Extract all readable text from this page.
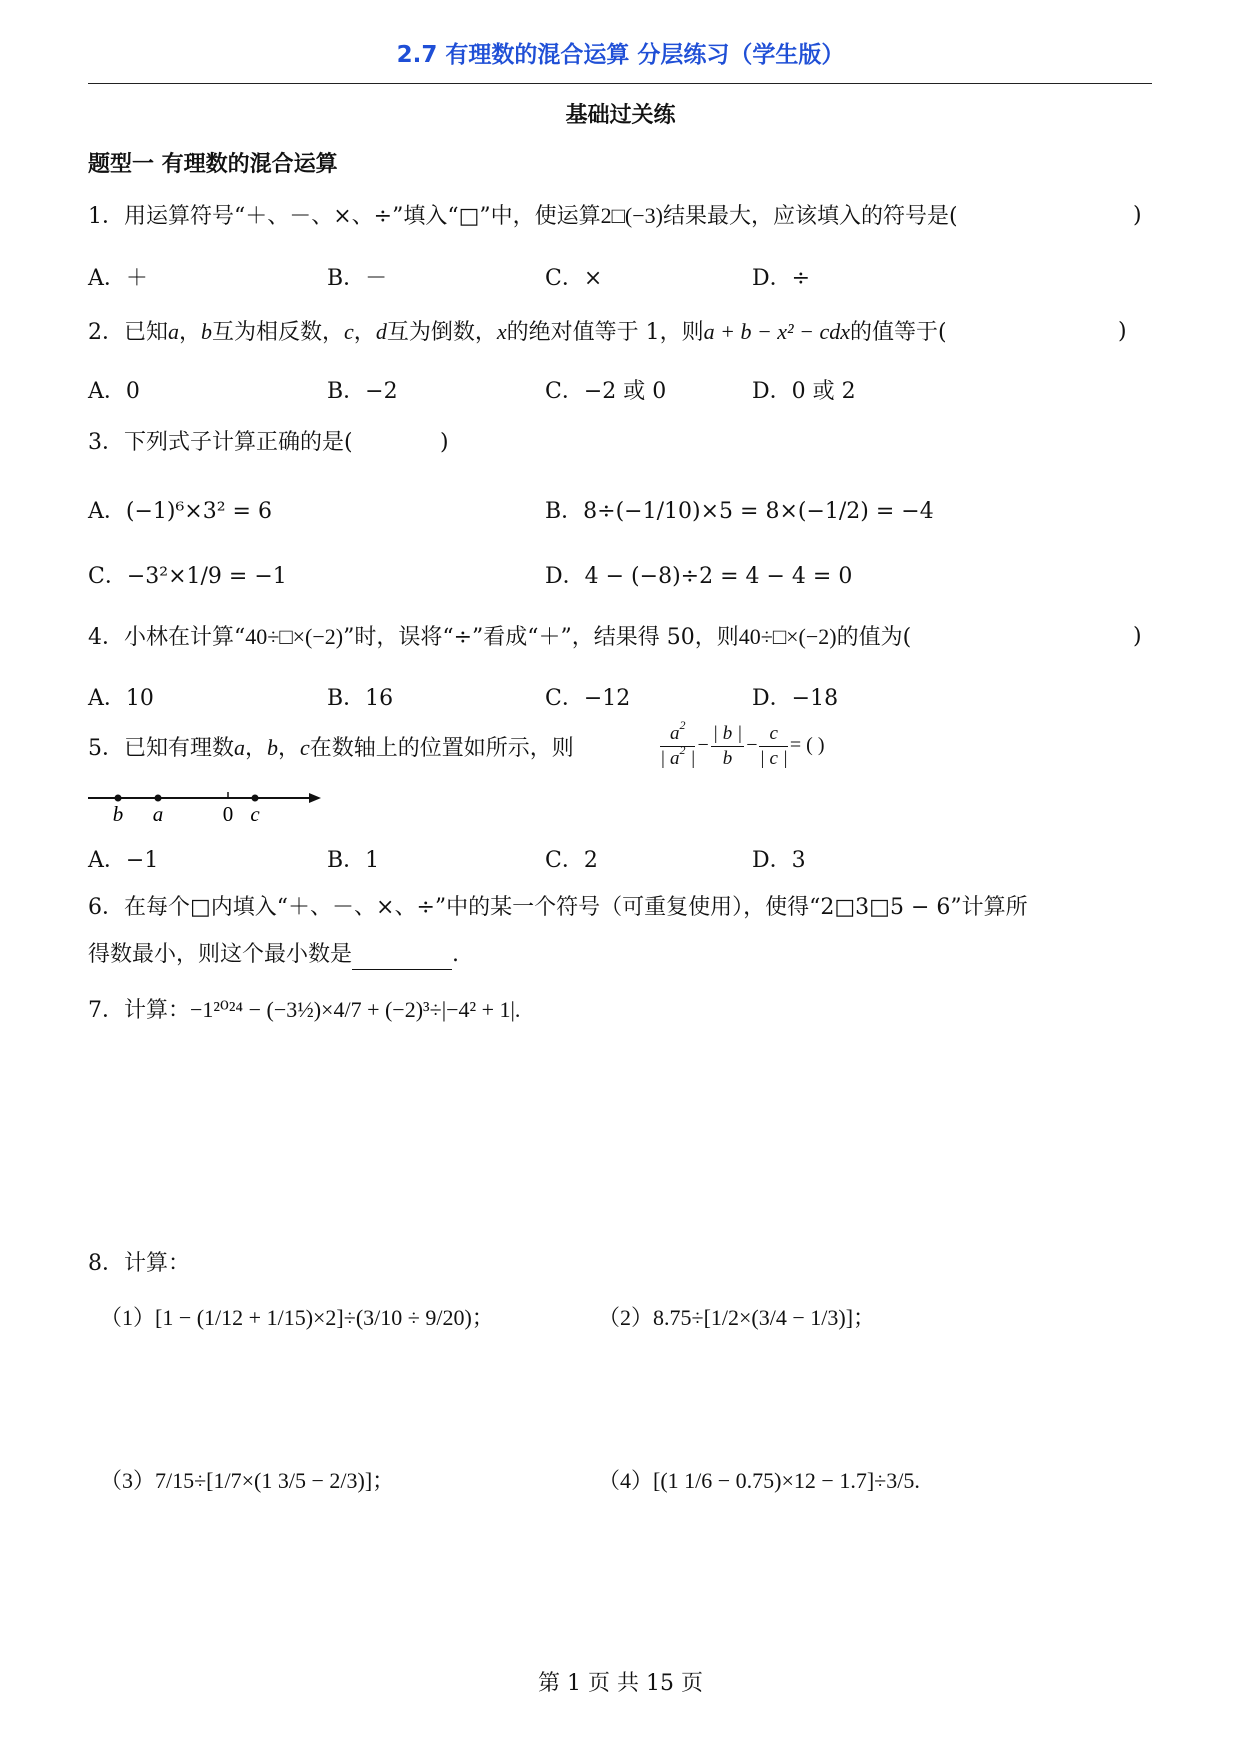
2.7 有理数的混合运算 分层练习（学生版）
基础过关练
题型一 有理数的混合运算
1．用运算符号“＋、－、×、÷”填入“□”中，使运算2□(−3)结果最大，应该填入的符号是(	)
A．＋	B．－	C．×	D．÷
2．已知a，b互为相反数，c，d互为倒数，x的绝对值等于 1，则a + b − x² − cdx的值等于(	)
A．0	B．−2	C．−2 或 0	D．0 或 2
3．下列式子计算正确的是(	)
A．(−1)⁶×3² = 6	B．8÷(−1/10)×5 = 8×(−1/2) = −4
C．−3²×1/9 = −1	D．4 − (−8)÷2 = 4 − 4 = 0
4．小林在计算“40÷□×(−2)”时，误将“÷”看成“＋”，结果得 50，则40÷□×(−2)的值为(	)
A．10	B．16	C．−12	D．−18
5．已知有理数a，b，c在数轴上的位置如所示，则	$\frac{a^2}{| a^2 |} - \frac{| b |}{b} - \frac{c}{| c |}$ = ( )
b a	0 c
A．−1	B．1	C．2	D．3
6．在每个□内填入“＋、－、×、÷”中的某一个符号（可重复使用），使得“2□3□5 − 6”计算所
得数最小，则这个最小数是	.
7．计算：−1²⁰²⁴ − (−3½)×4/7 + (−2)³÷|−4² + 1|.
8．计算：
（1）[1 − (1/12 + 1/15)×2]÷(3/10 ÷ 9/20)；	（2）8.75÷[1/2×(3/4 − 1/3)]；
（3）7/15÷[1/7×(1 3/5 − 2/3)]；	（4）[(1 1/6 − 0.75)×12 − 1.7]÷3/5.
第 1 页 共 15 页
